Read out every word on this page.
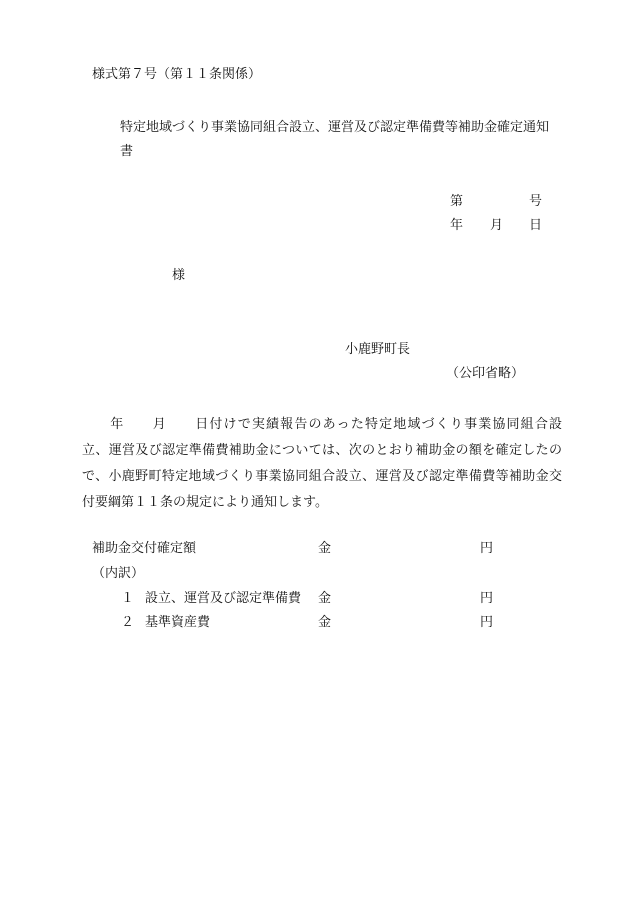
様式第７号（第１１条関係）
特定地域づくり事業協同組合設立、運営及び認定準備費等補助金確定通知
書
第	号
年 月 日
様
小鹿野町長
（公印省略）
　　年　　月　　日付けで実績報告のあった特定地域づくり事業協同組合設
立、運営及び認定準備費補助金については、次のとおり補助金の額を確定したの
で、小鹿野町特定地域づくり事業協同組合設立、運営及び認定準備費等補助金交
付要綱第１１条の規定により通知します。
補助金交付確定額	金	円
（内訳）
１ 設立、運営及び認定準備費 金	円
２ 基準資産費	金	円
